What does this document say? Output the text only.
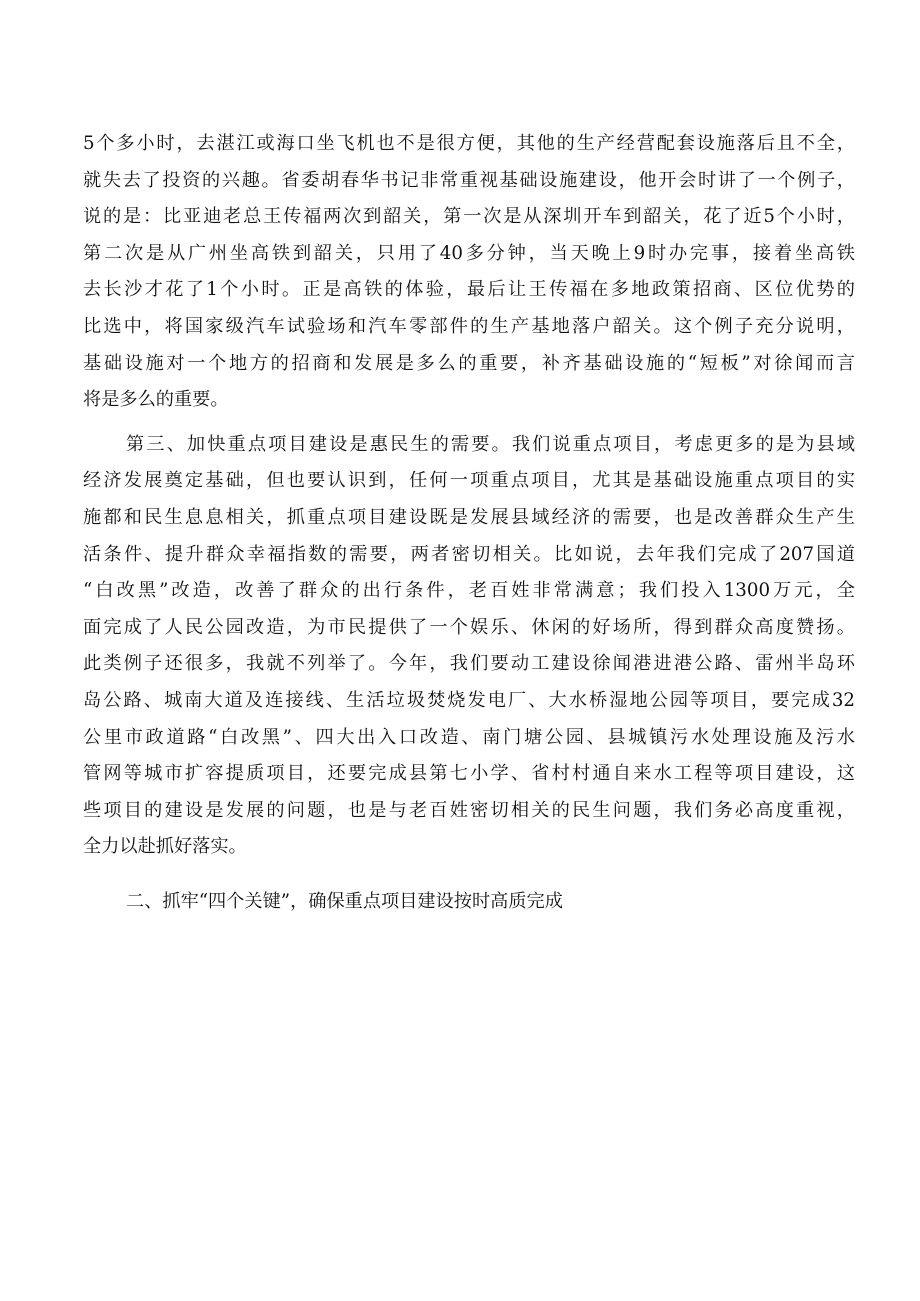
5个多小时，去湛江或海口坐飞机也不是很方便，其他的生产经营配套设施落后且不全，
就失去了投资的兴趣。省委胡春华书记非常重视基础设施建设，他开会时讲了一个例子，
说的是：比亚迪老总王传福两次到韶关，第一次是从深圳开车到韶关，花了近5个小时，
第二次是从广州坐高铁到韶关，只用了40多分钟，当天晚上9时办完事，接着坐高铁
去长沙才花了1个小时。正是高铁的体验，最后让王传福在多地政策招商、区位优势的
比选中，将国家级汽车试验场和汽车零部件的生产基地落户韶关。这个例子充分说明，
基础设施对一个地方的招商和发展是多么的重要，补齐基础设施的“短板”对徐闻而言
将是多么的重要。
第三、加快重点项目建设是惠民生的需要。我们说重点项目，考虑更多的是为县域
经济发展奠定基础，但也要认识到，任何一项重点项目，尤其是基础设施重点项目的实
施都和民生息息相关，抓重点项目建设既是发展县域经济的需要，也是改善群众生产生
活条件、提升群众幸福指数的需要，两者密切相关。比如说，去年我们完成了207国道
“白改黑”改造，改善了群众的出行条件，老百姓非常满意；我们投入1300万元，全
面完成了人民公园改造，为市民提供了一个娱乐、休闲的好场所，得到群众高度赞扬。
此类例子还很多，我就不列举了。今年，我们要动工建设徐闻港进港公路、雷州半岛环
岛公路、城南大道及连接线、生活垃圾焚烧发电厂、大水桥湿地公园等项目，要完成32
公里市政道路“白改黑”、四大出入口改造、南门塘公园、县城镇污水处理设施及污水
管网等城市扩容提质项目，还要完成县第七小学、省村村通自来水工程等项目建设，这
些项目的建设是发展的问题，也是与老百姓密切相关的民生问题，我们务必高度重视，
全力以赴抓好落实。
二、抓牢“四个关键”，确保重点项目建设按时高质完成
